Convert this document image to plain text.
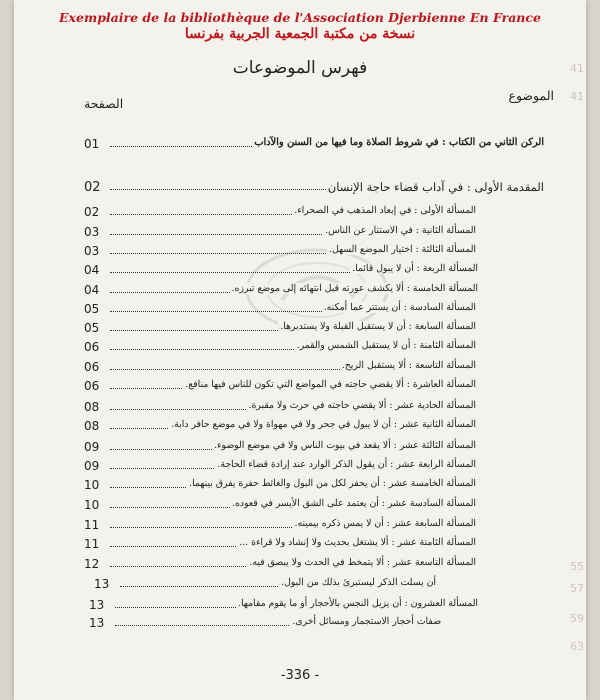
Exemplaire de la bibliothèque de l'Association Djerbienne En France
نسخة من مكتبة الجمعية الجربية بفرنسا
41
41
55
57
59
63
فهرس الموضوعات
الموضوع
الصفحة
01	الركن الثاني من الكتاب : في شروط الصلاة وما فيها من السنن والآداب
02	المقدمة الأولى : في آداب قضاء حاجة الإنسان
02	المسألة الأولى : في إبعاد المذهب في الصحراء.
03	المسألة الثانية : في الاستتار عن الناس.
03	المسألة الثالثة : اختيار الموضع السهل.
04	المسألة الربعة : أن لا يبول قائما.
04	المسألة الخامسة : ألا يكشف عورته قبل انتهائه إلى موضع تبرزه.
05	المسألة السادسة : أن يستتر عما أمكنه.
05	المسألة السابعة : أن لا يستقبل القبلة ولا يستدبرها.
06	المسألة الثامنة : أن لا يستقبل الشمس والقمر.
06	المسألة التاسعة : ألا يستقبل الريح.
06	المسألة العاشرة : ألا يقضي حاجته في المواضع التي تكون للناس فيها منافع.
08	المسألة الحادية عشر : ألا يقضي حاجته في حرث ولا مقبرة.
08	المسألة الثانية عشر : أن لا يبول في جحر ولا في مهواة ولا في موضع حافر دابة.
09	المسألة الثالثة عشر : ألا يقعد في بيوت الناس ولا في موضع الوضوء.
09	المسألة الرابعة عشر : أن يقول الذكر الوارد عند إرادة قضاء الحاجة.
10	المسألة الخامسة عشر : أن يحفر لكل من البول والغائط حفرة يفرق بينهما.
10	المسألة السادسة عشر : أن يعتمد على الشق الأيسر في قعوده.
11	المسألة السابعة عشر : أن لا يمس ذكره بيمينه.
11	المسألة الثامنة عشر : ألا يشتغل بحديث ولا إنشاد ولا قراءة ...
12	المسألة التاسعة عشر : ألا يتمخط في الحدث ولا يبصق فيه.
13	أن يسلت الذكر ليستبرئ بذلك من البول.
13	المسألة العشرون : أن يزيل النجس بالأحجار أو ما يقوم مقامها.
13	صفات أحجار الاستجمار ومسائل أخرى.
-336 -
